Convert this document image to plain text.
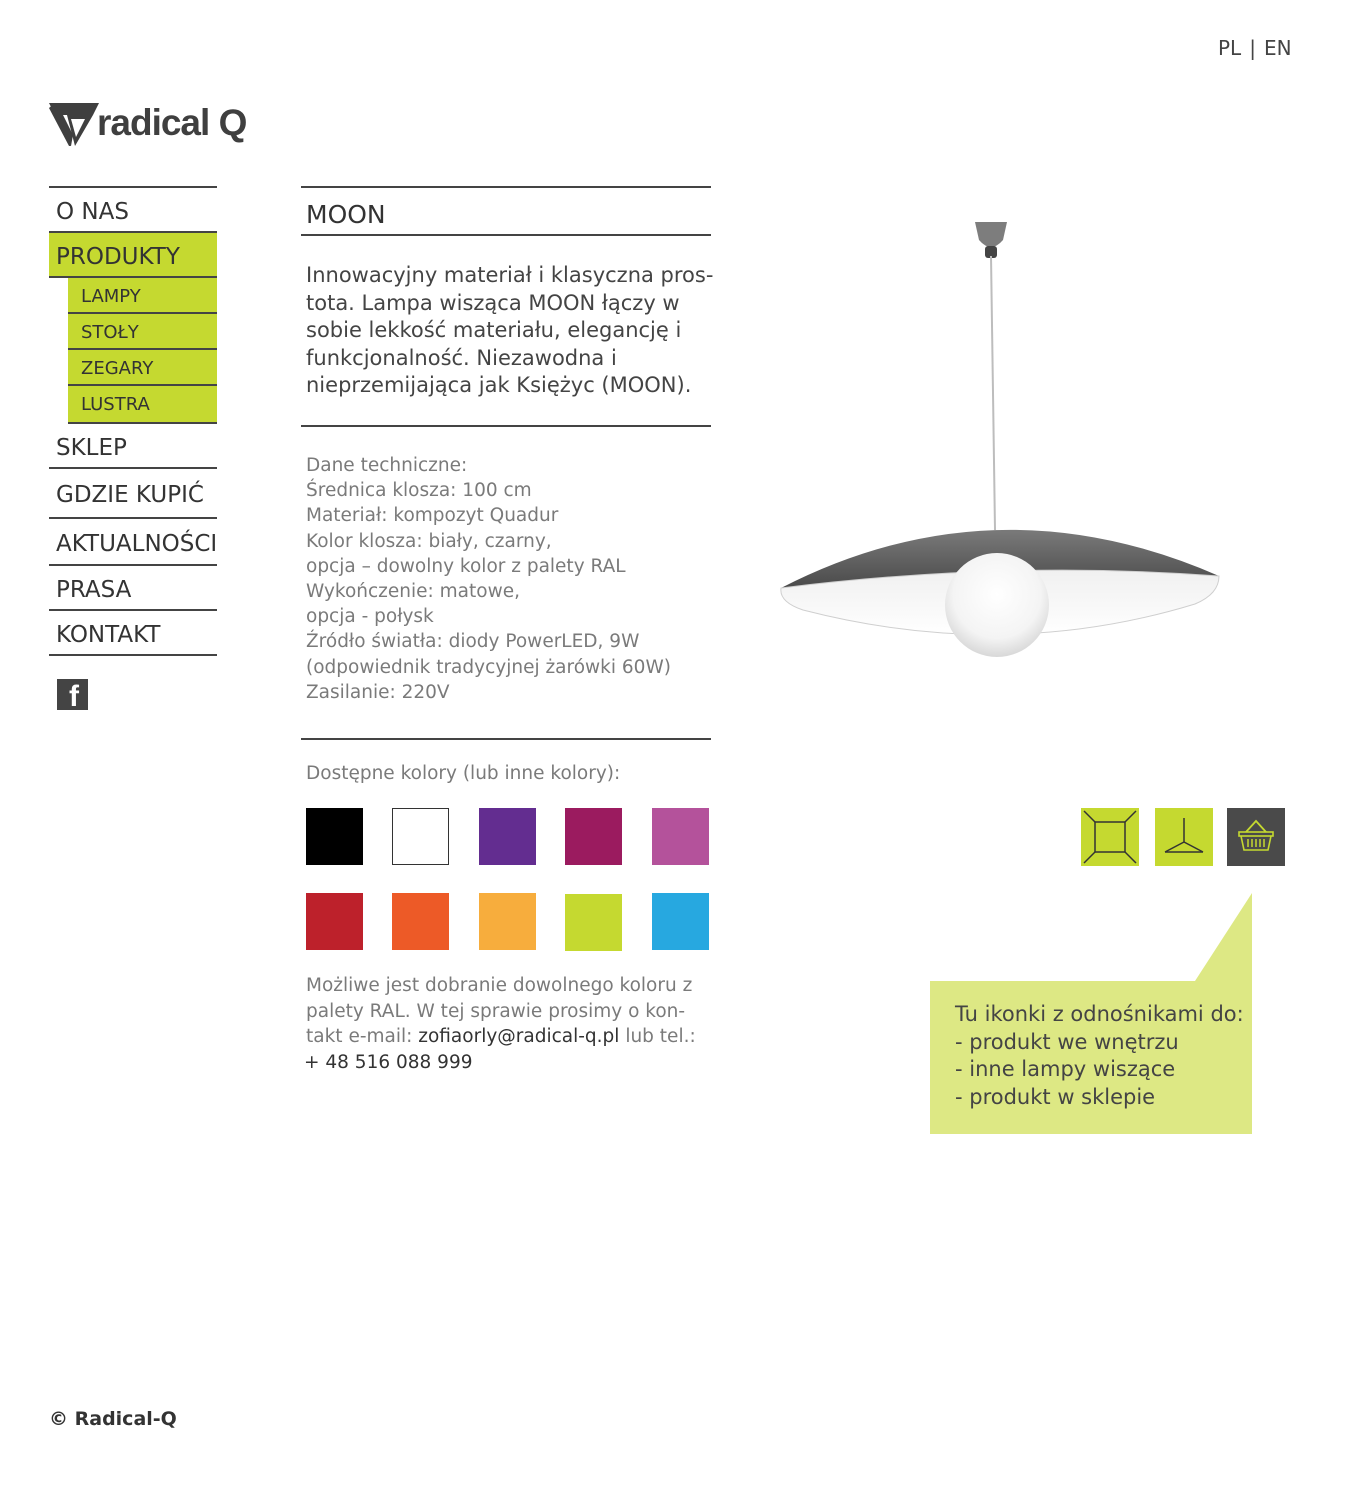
PL | EN
radical Q
O NAS
PRODUKTY
LAMPY
STOŁY
ZEGARY
LUSTRA
SKLEP
GDZIE KUPIĆ
AKTUALNOŚCI
PRASA
KONTAKT
f
MOON
Innowacyjny materiał i klasyczna pros-
tota. Lampa wisząca MOON łączy w
sobie lekkość materiału, elegancję i
funkcjonalność. Niezawodna i
nieprzemijająca jak Księżyc (MOON).
Dane techniczne:
Średnica klosza: 100 cm
Materiał: kompozyt Quadur
Kolor klosza: biały, czarny,
opcja – dowolny kolor z palety RAL
Wykończenie: matowe,
opcja - połysk
Źródło światła: diody PowerLED, 9W
(odpowiednik tradycyjnej żarówki 60W)
Zasilanie: 220V
Dostępne kolory (lub inne kolory):
Możliwe jest dobranie dowolnego koloru z
palety RAL. W tej sprawie prosimy o kon-
takt e-mail: zofiaorly@radical-q.pl lub tel.:
+ 48 516 088 999
Tu ikonki z odnośnikami do:
- produkt we wnętrzu
- inne lampy wiszące
- produkt w sklepie
© Radical-Q
